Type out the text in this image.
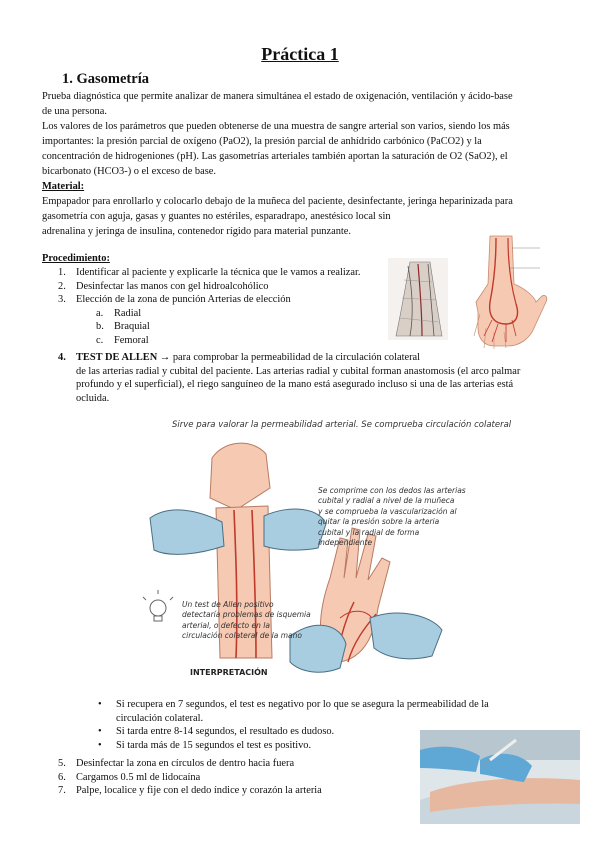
Práctica 1
1. Gasometría
Prueba diagnóstica que permite analizar de manera simultánea el estado de oxigenación, ventilación y ácido-base
de una persona.
Los valores de los parámetros que pueden obtenerse de una muestra de sangre arterial son varios, siendo los más
importantes: la presión parcial de oxígeno (PaO2), la presión parcial de anhídrido carbónico (PaCO2) y la
concentración de hidrogeniones (pH). Las gasometrías arteriales también aportan la saturación de O2 (SaO2), el
bicarbonato (HCO3-) o el exceso de base.
Material:
Empapador para enrollarlo y colocarlo debajo de la muñeca del paciente, desinfectante, jeringa heparinizada para
gasometría con aguja, gasas y guantes no estériles, esparadrapo, anestésico local sin
adrenalina y jeringa de insulina, contenedor rígido para material punzante.
Procedimiento:
1. Identificar al paciente y explicarle la técnica que le vamos a realizar.
2. Desinfectar las manos con gel hidroalcohólico
3. Elección de la zona de punción Arterias de elección
a. Radial
b. Braquial
c. Femoral
4. TEST DE ALLEN → para comprobar la permeabilidad de la circulación colateral
de las arterias radial y cubital del paciente. Las arterias radial y cubital forman anastomosis (el arco palmar
profundo y el superficial), el riego sanguíneo de la mano está asegurado incluso si una de las arterias está
ocluida.
Sirve para valorar la permeabilidad arterial. Se comprueba circulación colateral
Se comprime con los dedos las arterias
cubital y radial a nivel de la muñeca
y se comprueba la vascularización al
quitar la presión sobre la arteria
cubital y la radial de forma
independiente
Un test de Allen positivo
detectaría problemas de isquemia
arterial, o defecto en la
circulación colateral de la mano
INTERPRETACIÓN
• Si recupera en 7 segundos, el test es negativo por lo que se asegura la permeabilidad de la
circulación colateral.
• Si tarda entre 8-14 segundos, el resultado es dudoso.
• Si tarda más de 15 segundos el test es positivo.
5. Desinfectar la zona en círculos de dentro hacia fuera
6. Cargamos 0.5 ml de lidocaína
7. Palpe, localice y fije con el dedo índice y corazón la arteria
